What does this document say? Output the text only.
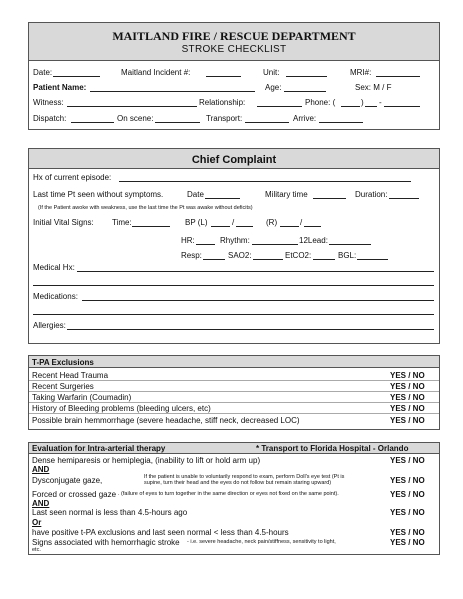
MAITLAND FIRE / RESCUE DEPARTMENT
STROKE CHECKLIST
Date:	Maitland Incident #:	Unit:	MRI#:
Patient Name:	Age:	Sex: M / F
Witness:	Relationship:	Phone: (	) -
Dispatch:	On scene:	Transport:	Arrive:
Chief Complaint
Hx of current episode:
Last time Pt seen without symptoms.	Date	Military time	Duration:
(If the Patient awoke with weakness, use the last time the Pt was awake without deficits)
Initial Vital Signs: Time:	BP (L)	/	(R)	/
HR:	Rhythm:	12Lead:
Resp:	SAO2:	EtCO2:	BGL:
Medical Hx:
Medications:
Allergies:
T-PA Exclusions
Recent Head Trauma	YES / NO
Recent Surgeries	YES / NO
Taking Warfarin (Coumadin)	YES / NO
History of Bleeding problems (bleeding ulcers, etc)	YES / NO
Possible brain hemmorrhage (severe headache, stiff neck, decreased LOC)	YES / NO
Evaluation for Intra-arterial therapy	* Transport to Florida Hospital - Orlando
Dense hemiparesis or hemiplegia, (inability to lift or hold arm up)	YES / NO
AND
Dysconjugate gaze,	If the patient is unable to voluntarily respond to exam, perform Doll's eye test (Pt is
supine, turn their head and the eyes do not follow but remain staring upward)	YES / NO
Forced or crossed gaze . (failure of eyes to turn together in the same direction or eyes not fixed on the same point).	YES / NO
AND
Last seen normal is less than 4.5-hours ago	YES / NO
Or
have positive t-PA exclusions and last seen normal < less than 4.5-hours	YES / NO
Signs associated with hemorrhagic stroke - i.e. severe headache, neck pain/stiffness, sensitivity to light,
etc.
YES / NO
